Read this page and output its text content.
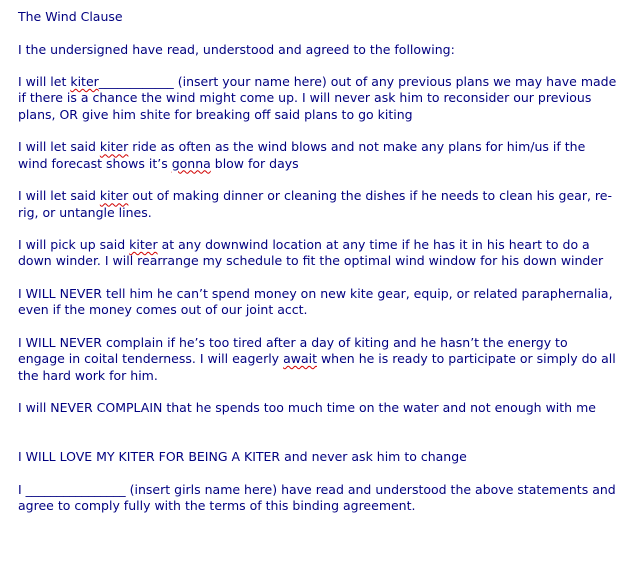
The Wind Clause

I the undersigned have read, understood and agreed to the following:

I will let kiter____________ (insert your name here) out of any previous plans we may have made if there is a chance the wind might come up. I will never ask him to reconsider our previous plans, OR give him shite for breaking off said plans to go kiting

I will let said kiter ride as often as the wind blows and not make any plans for him/us if the wind forecast shows it’s gonna blow for days

I will let said kiter out of making dinner or cleaning the dishes if he needs to clean his gear, re-rig, or untangle lines.

I will pick up said kiter at any downwind location at any time if he has it in his heart to do a down winder. I will rearrange my schedule to fit the optimal wind window for his down winder

I WILL NEVER tell him he can’t spend money on new kite gear, equip, or related paraphernalia, even if the money comes out of our joint acct.

I WILL NEVER complain if he’s too tired after a day of kiting and he hasn’t the energy to engage in coital tenderness. I will eagerly await when he is ready to participate or simply do all the hard work for him.

I will NEVER COMPLAIN that he spends too much time on the water and not enough with me

I WILL LOVE MY KITER FOR BEING A KITER and never ask him to change

I ________________ (insert girls name here) have read and understood the above statements and agree to comply fully with the terms of this binding agreement.
